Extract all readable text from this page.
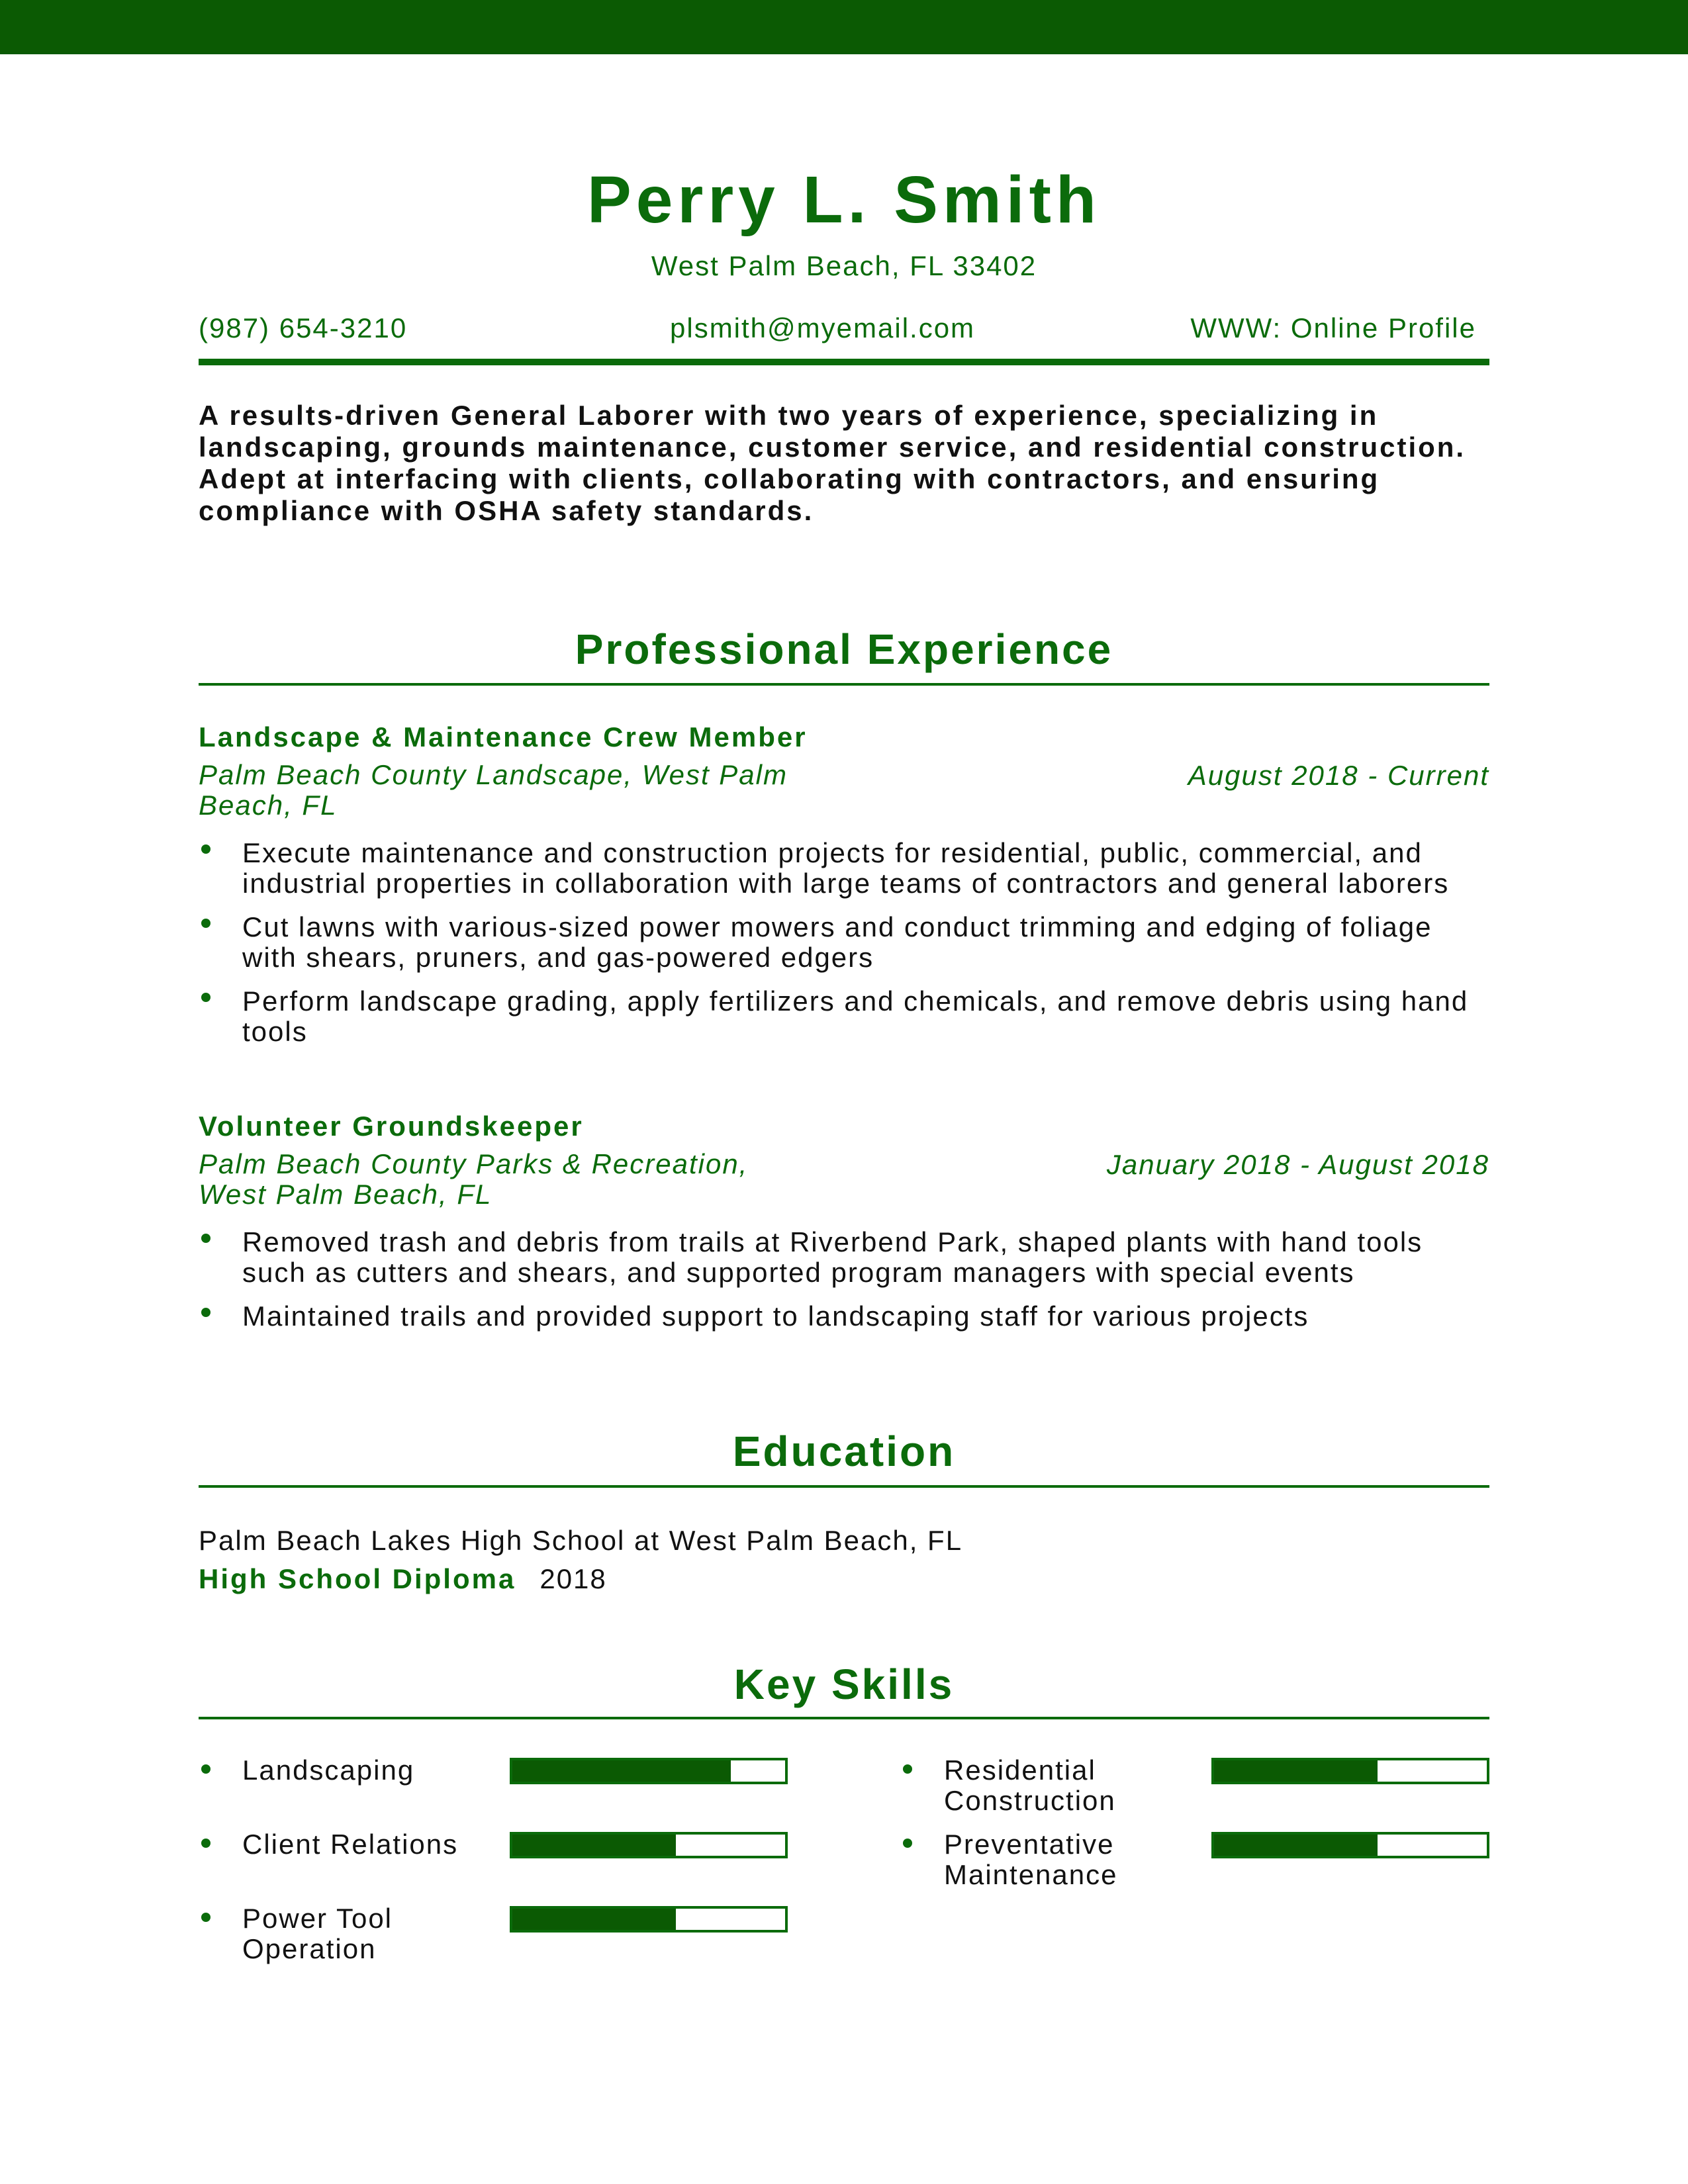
Perry L. Smith
West Palm Beach, FL 33402
(987) 654-3210	plsmith@myemail.com	WWW: Online Profile
A results-driven General Laborer with two years of experience, specializing in landscaping, grounds maintenance, customer service, and residential construction. Adept at interfacing with clients, collaborating with contractors, and ensuring compliance with OSHA safety standards.
Professional Experience
Landscape & Maintenance Crew Member
Palm Beach County Landscape, West Palm Beach, FL
August 2018 - Current
Execute maintenance and construction projects for residential, public, commercial, and industrial properties in collaboration with large teams of contractors and general laborers
Cut lawns with various-sized power mowers and conduct trimming and edging of foliage with shears, pruners, and gas-powered edgers
Perform landscape grading, apply fertilizers and chemicals, and remove debris using hand tools
Volunteer Groundskeeper
Palm Beach County Parks & Recreation, West Palm Beach, FL
January 2018 - August 2018
Removed trash and debris from trails at Riverbend Park, shaped plants with hand tools such as cutters and shears, and supported program managers with special events
Maintained trails and provided support to landscaping staff for various projects
Education
Palm Beach Lakes High School at West Palm Beach, FL
High School Diploma 2018
Key Skills
Landscaping	Residential Construction
Client Relations	Preventative Maintenance
Power Tool Operation
